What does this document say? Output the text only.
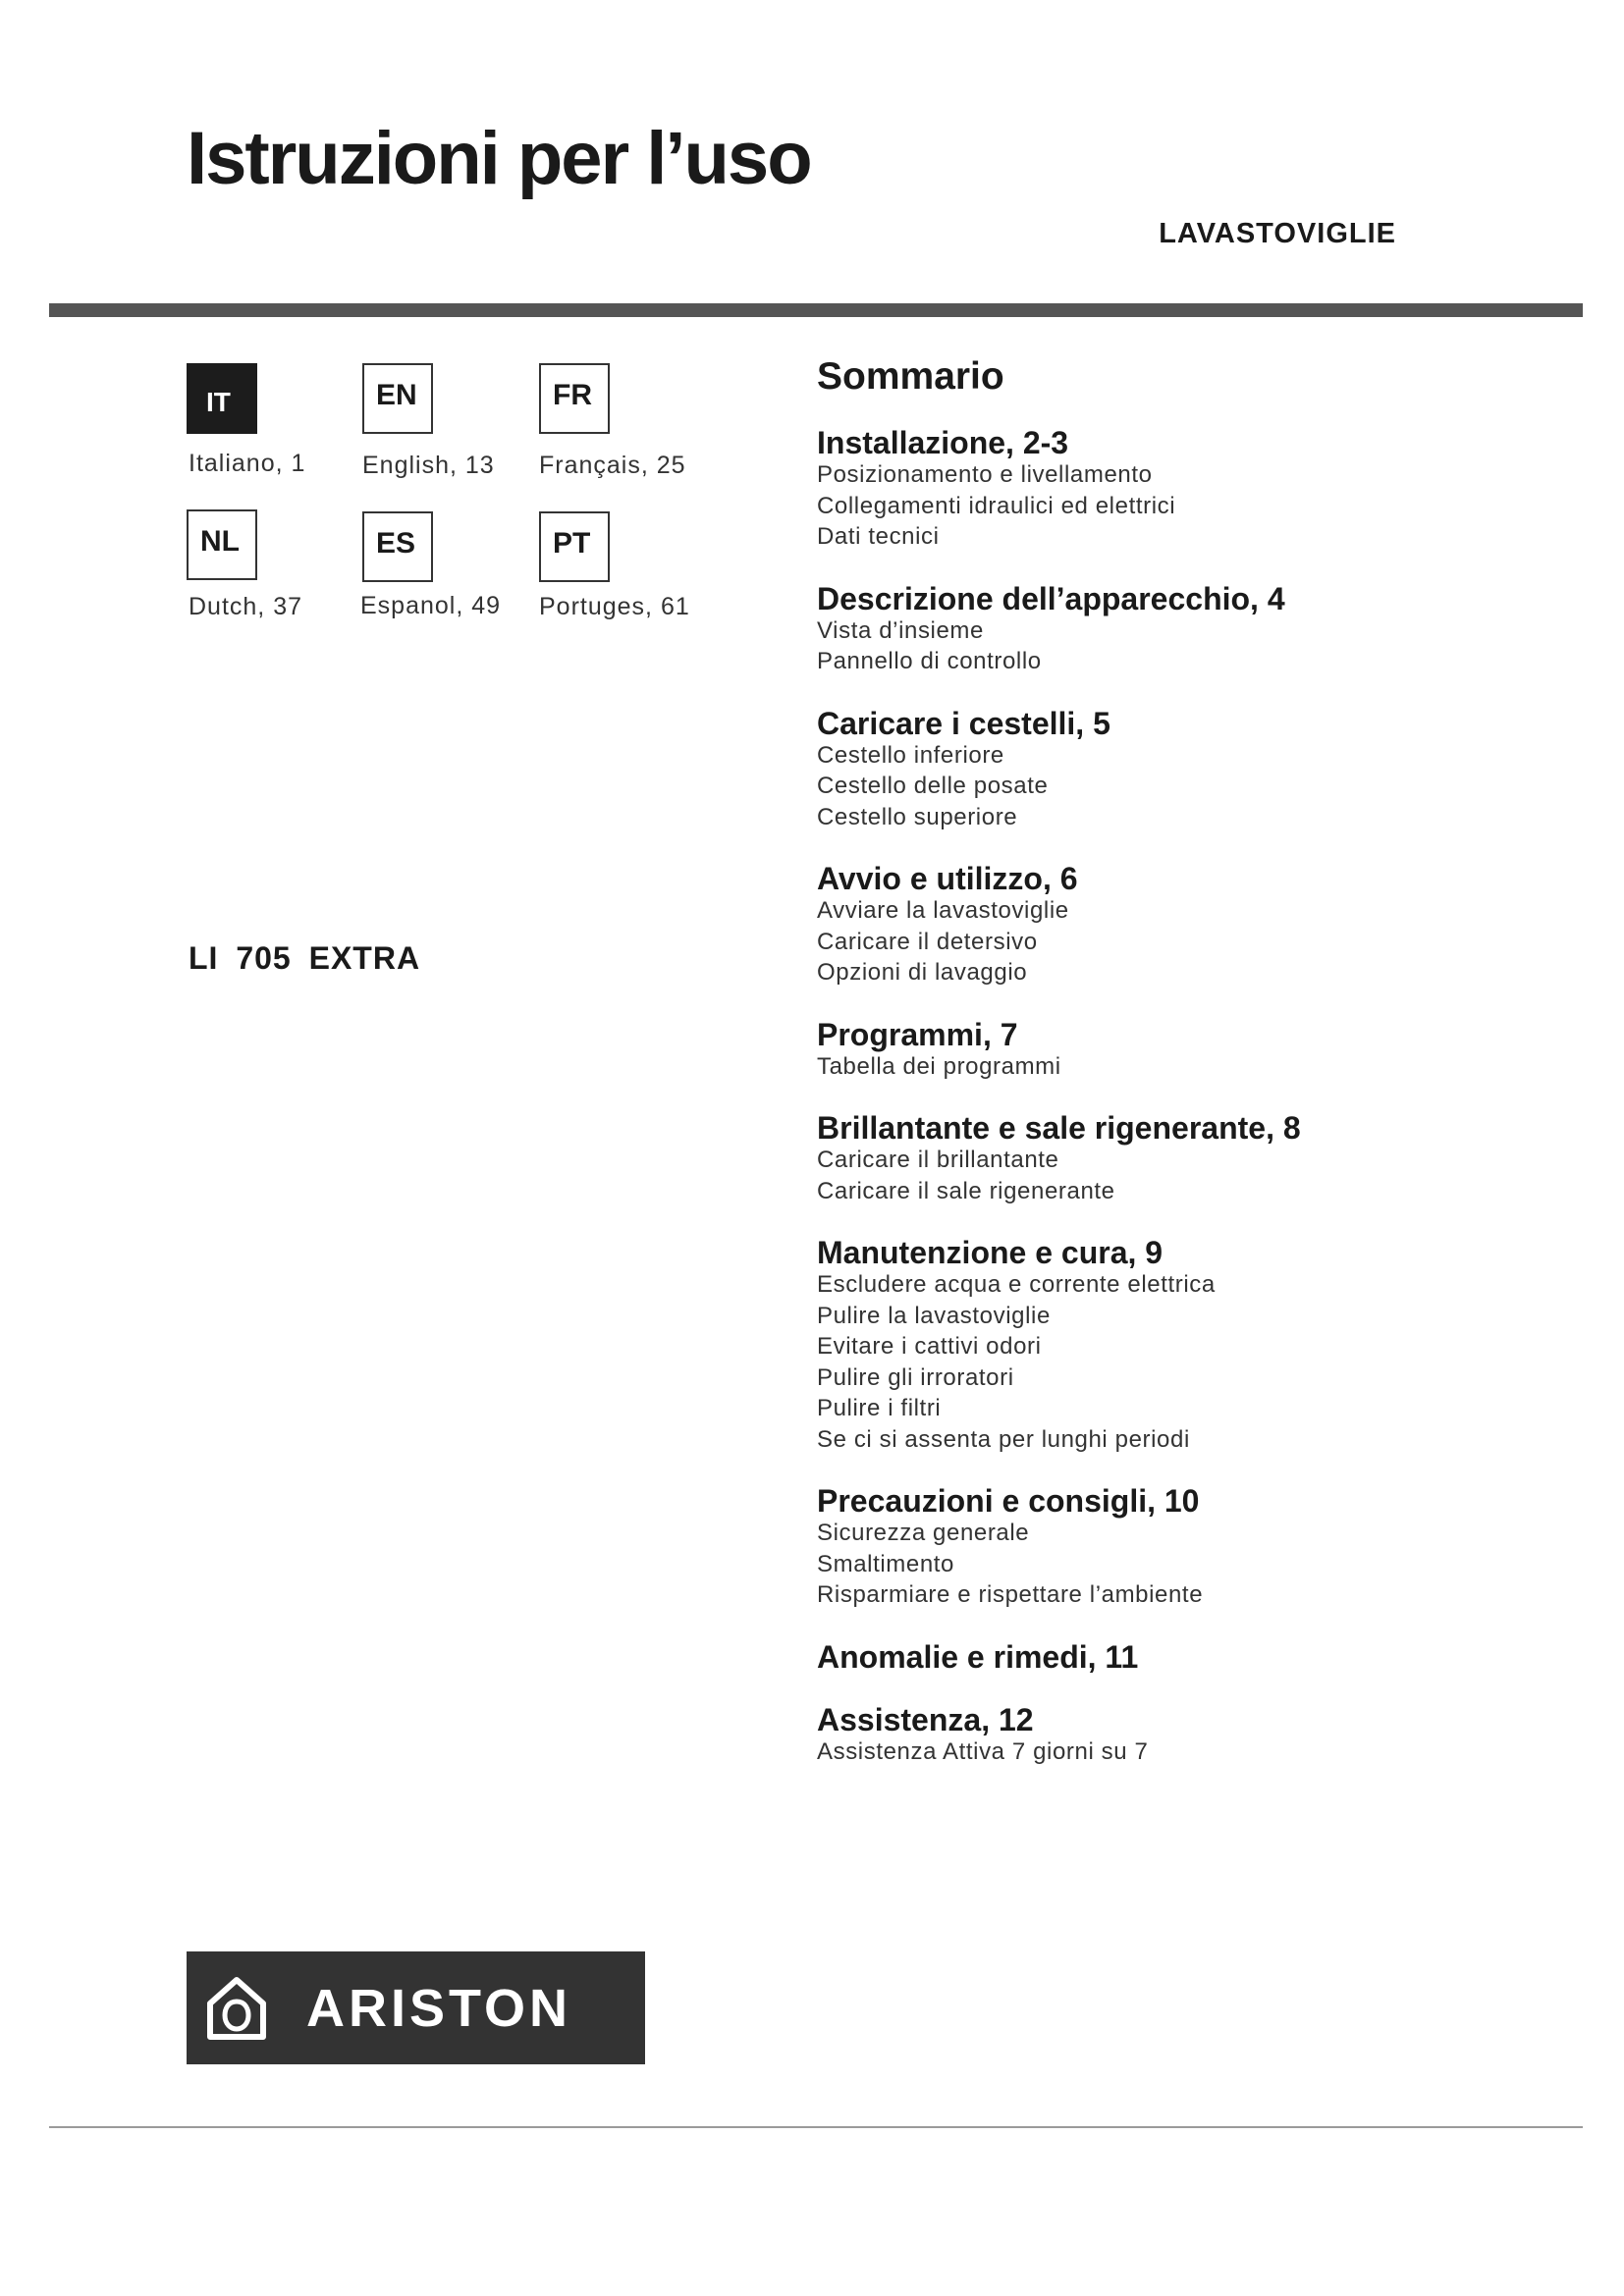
Istruzioni per l’uso
LAVASTOVIGLIE
IT
Italiano, 1
EN
English, 13
FR
Français, 25
NL
Dutch, 37
ES
Espanol, 49
PT
Portuges, 61
LI 705 EXTRA
Sommario
Installazione, 2-3
Posizionamento e livellamento
Collegamenti idraulici ed elettrici
Dati tecnici
Descrizione dell’apparecchio, 4
Vista d’insieme
Pannello di controllo
Caricare i cestelli, 5
Cestello inferiore
Cestello delle posate
Cestello superiore
Avvio e utilizzo, 6
Avviare la lavastoviglie
Caricare il detersivo
Opzioni di lavaggio
Programmi, 7
Tabella dei programmi
Brillantante e sale rigenerante, 8
Caricare il brillantante
Caricare il sale rigenerante
Manutenzione e cura, 9
Escludere acqua e corrente elettrica
Pulire la lavastoviglie
Evitare i cattivi odori
Pulire gli irroratori
Pulire i filtri
Se ci si assenta per lunghi periodi
Precauzioni e consigli, 10
Sicurezza generale
Smaltimento
Risparmiare e rispettare l’ambiente
Anomalie e rimedi, 11
Assistenza, 12
Assistenza Attiva 7 giorni su 7
ARISTON
